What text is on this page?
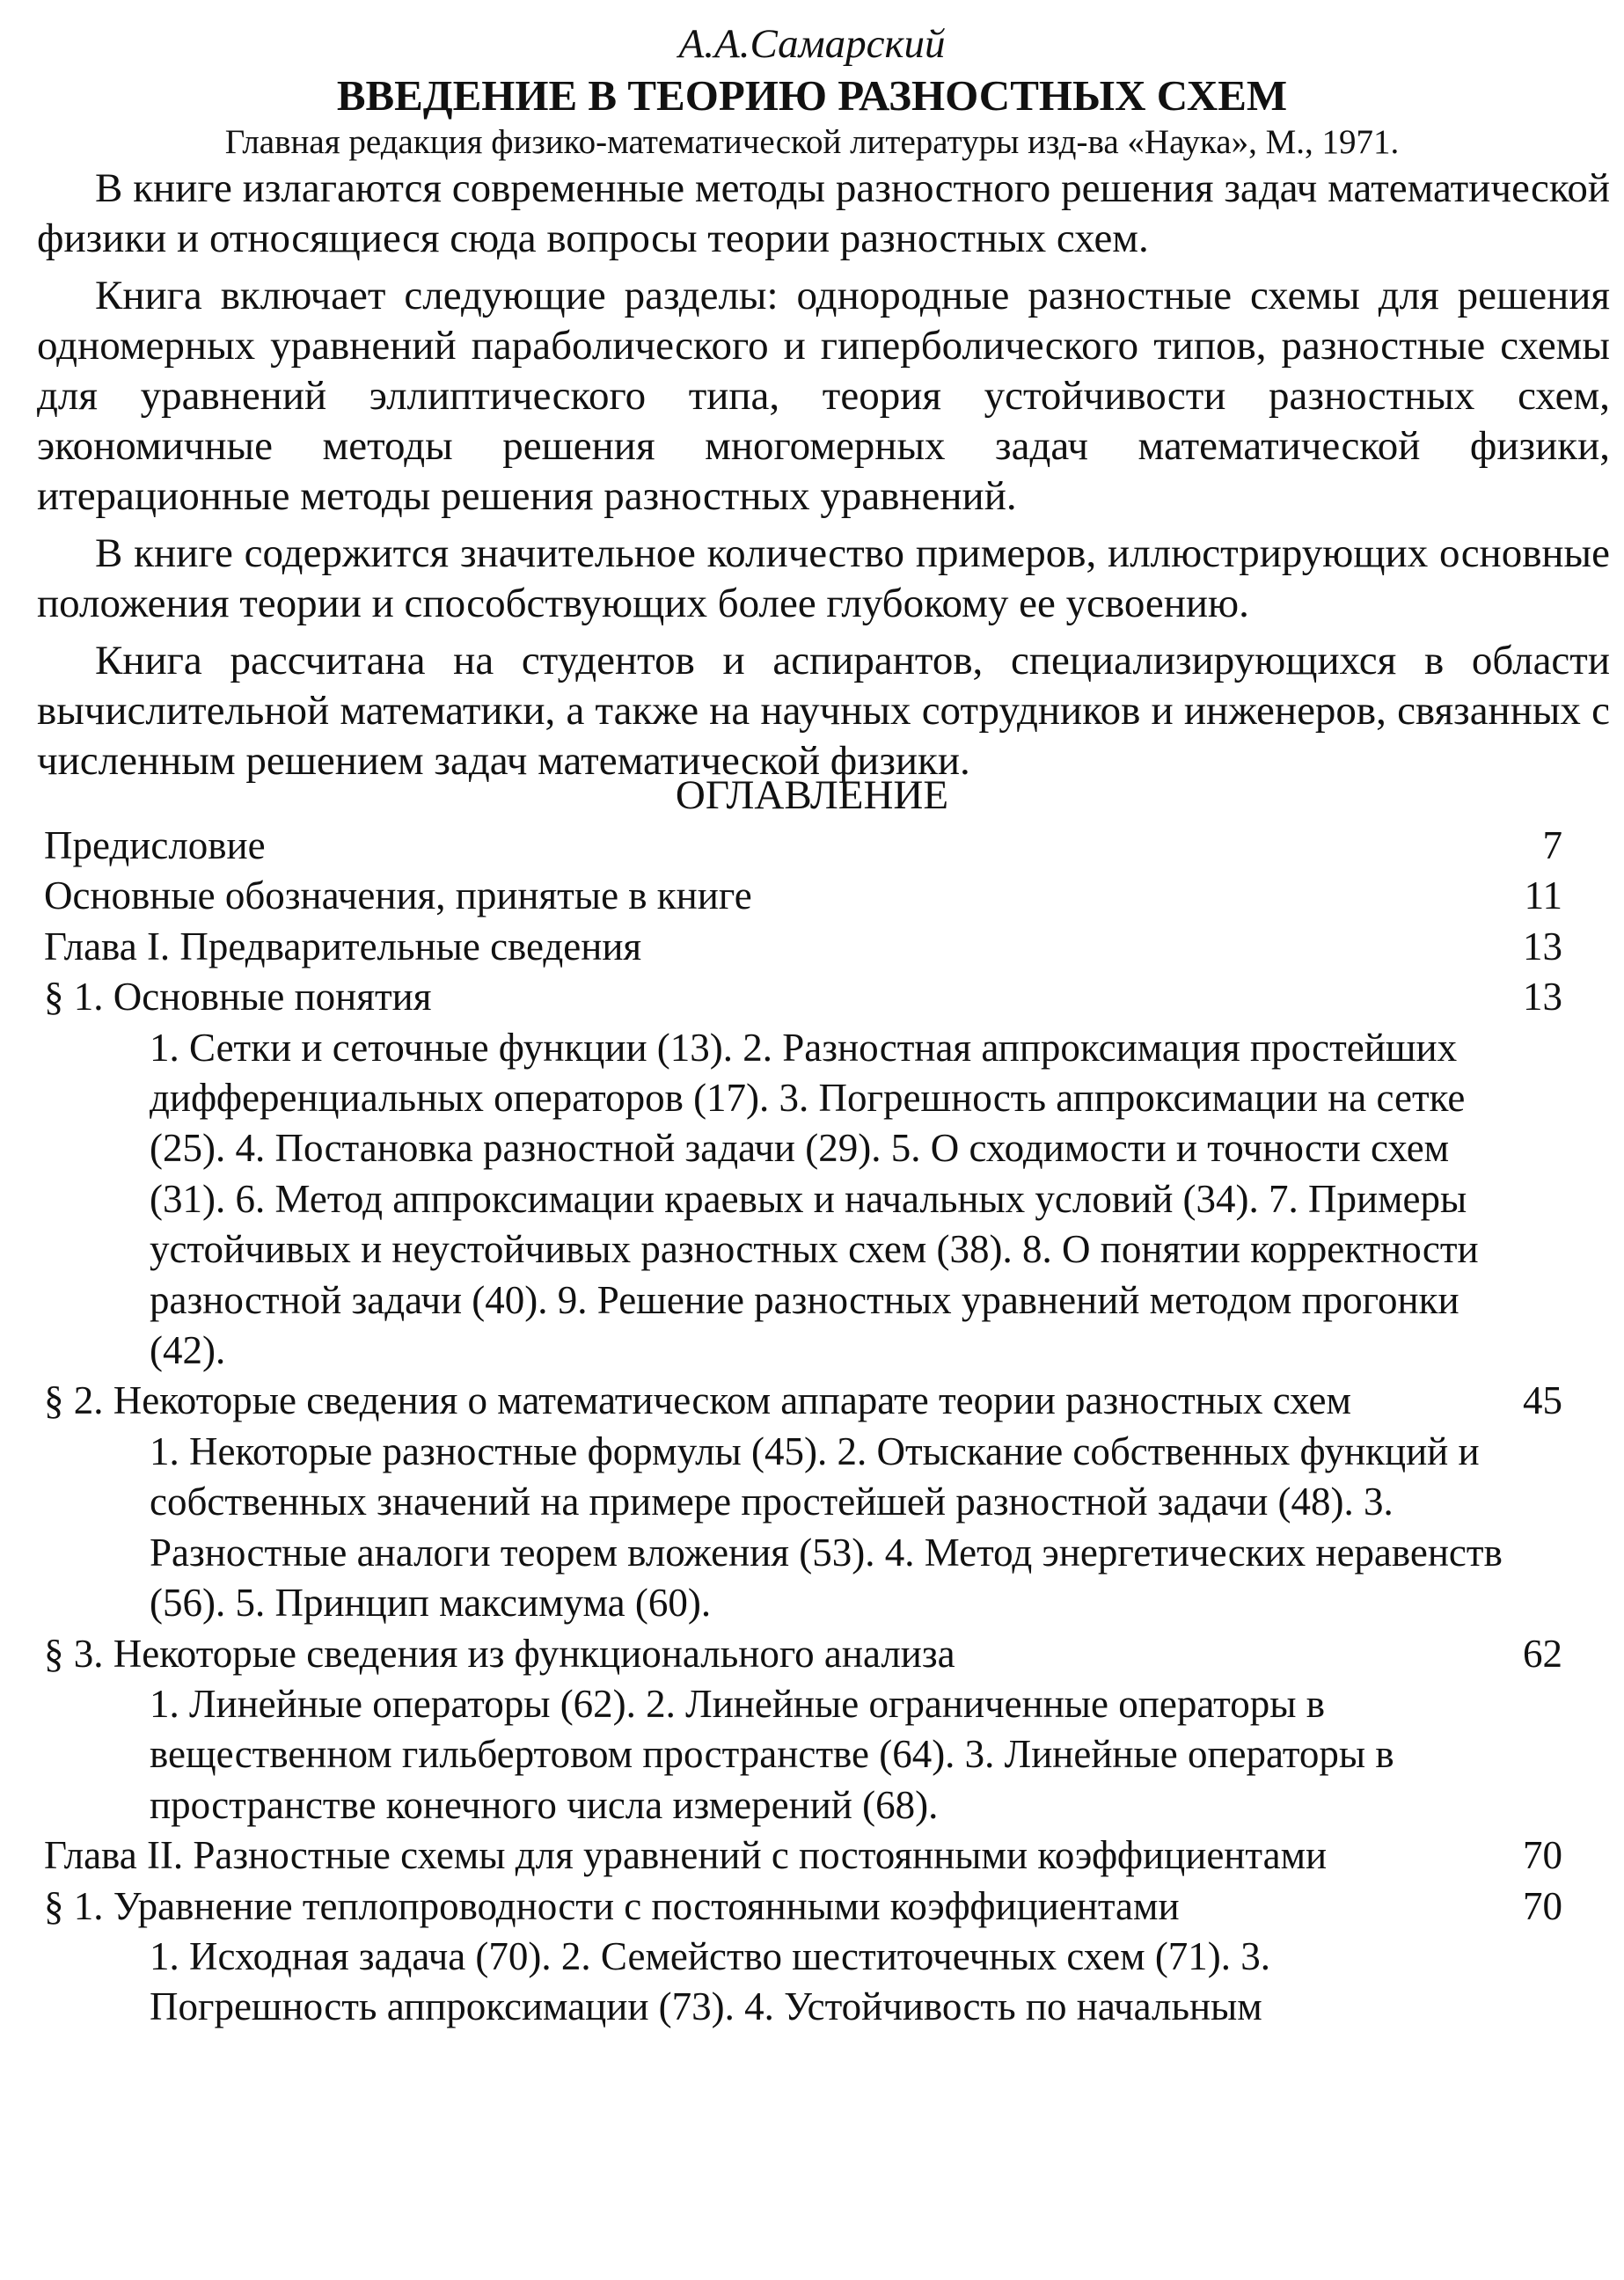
А.А.Самарский
ВВЕДЕНИЕ В ТЕОРИЮ РАЗНОСТНЫХ СХЕМ
Главная редакция физико-математической литературы изд-ва «Наука», М., 1971.

В книге излагаются современные методы разностного решения задач математической физики и относящиеся сюда вопросы теории разностных схем.

Книга включает следующие разделы: однородные разностные схемы для решения одномерных уравнений параболического и гиперболического типов, разностные схемы для уравнений эллиптического типа, теория устойчивости разностных схем, экономичные методы решения многомерных задач математической физики, итерационные методы решения разностных уравнений.

В книге содержится значительное количество примеров, иллюстрирующих основные положения теории и способствующих более глубокому ее усвоению.

Книга рассчитана на студентов и аспирантов, специализирующихся в области вычислительной математики, а также на научных сотрудников и инженеров, связанных с численным решением задач математической физики.

ОГЛАВЛЕНИЕ
Предисловие	7
Основные обозначения, принятые в книге	11
Глава I. Предварительные сведения	13
§ 1. Основные понятия	13
1. Сетки и сеточные функции (13). 2. Разностная аппроксимация простейших дифференциальных операторов (17). 3. Погрешность аппроксимации на сетке (25). 4. Постановка разностной задачи (29). 5. О сходимости и точности схем (31). 6. Метод аппроксимации краевых и начальных условий (34). 7. Примеры устойчивых и неустойчивых разностных схем (38). 8. О понятии корректности разностной задачи (40). 9. Решение разностных уравнений методом прогонки (42).
§ 2. Некоторые сведения о математическом аппарате теории разностных схем	45
1. Некоторые разностные формулы (45). 2. Отыскание собственных функций и собственных значений на примере простейшей разностной задачи (48). 3. Разностные аналоги теорем вложения (53). 4. Метод энергетических неравенств (56). 5. Принцип максимума (60).
§ 3. Некоторые сведения из функционального анализа	62
1. Линейные операторы (62). 2. Линейные ограниченные операторы в вещественном гильбертовом пространстве (64). 3. Линейные операторы в пространстве конечного числа измерений (68).
Глава II. Разностные схемы для уравнений с постоянными коэффициентами	70
§ 1. Уравнение теплопроводности с постоянными коэффициентами	70
1. Исходная задача (70). 2. Семейство шеститочечных схем (71). 3. Погрешность аппроксимации (73). 4. Устойчивость по начальным
